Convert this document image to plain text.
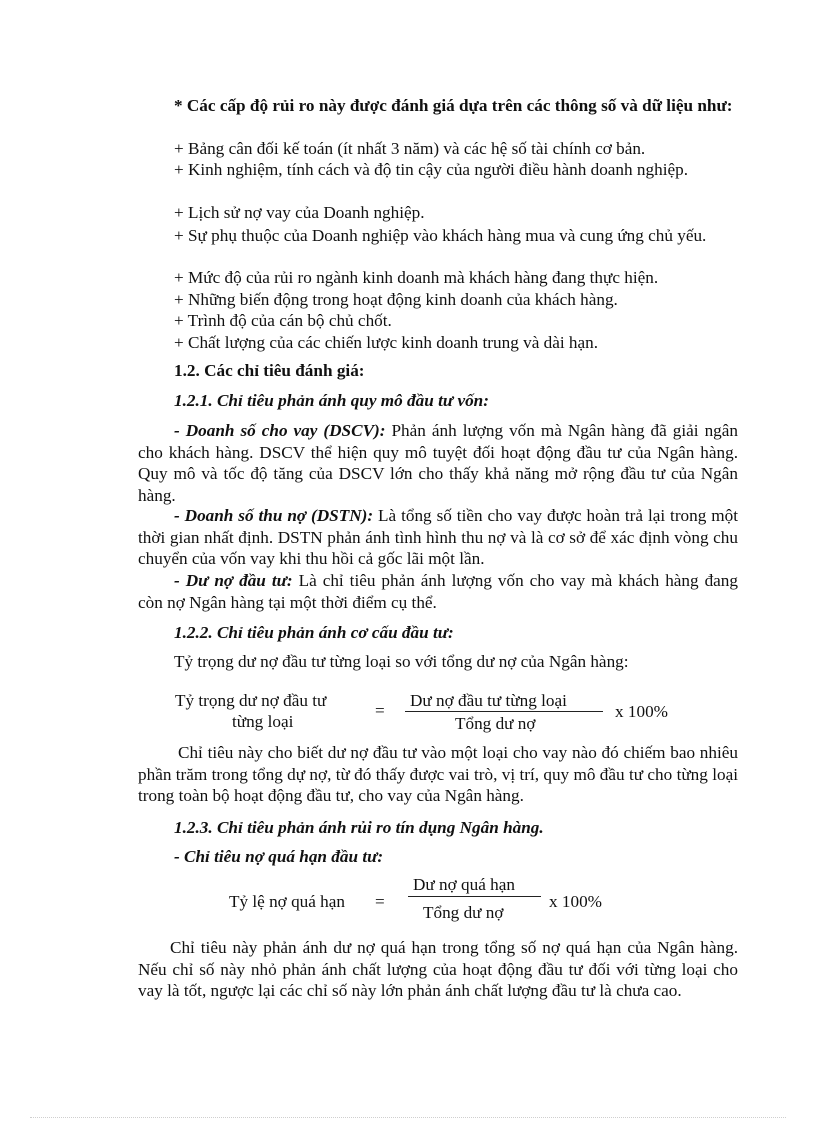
* Các cấp độ rủi ro này được đánh giá dựa trên các thông số và dữ liệu như:

+ Bảng cân đối kế toán (ít nhất 3 năm) và các hệ số tài chính cơ bản.

+ Kinh nghiệm, tính cách và độ tin cậy của người điều hành doanh nghiệp.

+ Lịch sử nợ vay của Doanh nghiệp.

+ Sự phụ thuộc của Doanh nghiệp vào khách hàng mua và cung ứng chủ yếu.

+ Mức độ của rủi ro ngành kinh doanh mà khách hàng đang thực hiện.

+ Những biến động trong hoạt động kinh doanh của khách hàng.

+ Trình độ của cán bộ chủ chốt.

+ Chất lượng của các chiến lược kinh doanh trung và dài hạn.

1.2. Các chỉ tiêu đánh giá:

1.2.1. Chỉ tiêu phản ánh quy mô đầu tư vốn:

- Doanh số cho vay (DSCV): Phản ánh lượng vốn mà Ngân hàng đã giải ngân cho khách hàng. DSCV thể hiện quy mô tuyệt đối hoạt động đầu tư của Ngân hàng. Quy mô và tốc độ tăng của DSCV lớn cho thấy khả năng mở rộng đầu tư của Ngân hàng.

- Doanh số thu nợ (DSTN): Là tổng số tiền cho vay được hoàn trả lại trong một thời gian nhất định. DSTN phản ánh tình hình thu nợ và là cơ sở để xác định vòng chu chuyển của vốn vay khi thu hồi cả gốc lãi một lần.

- Dư nợ đầu tư: Là chỉ tiêu phản ánh lượng vốn cho vay mà khách hàng đang còn nợ Ngân hàng tại một thời điểm cụ thể.

1.2.2. Chỉ tiêu phản ánh cơ cấu đầu tư:

Tỷ trọng dư nợ đầu tư từng loại so với tổng dư nợ của Ngân hàng:

Tỷ trọng dư nợ đầu tư

từng loại

=

Dư nợ đầu tư từng loại

Tổng dư nợ

x 100%

Chỉ tiêu này cho biết dư nợ đầu tư vào một loại cho vay nào đó chiếm bao nhiêu phần trăm trong tổng dự nợ, từ đó thấy được vai trò, vị trí, quy mô đầu tư cho từng loại trong toàn bộ hoạt động đầu tư, cho vay của Ngân hàng.

1.2.3. Chỉ tiêu phản ánh rủi ro tín dụng Ngân hàng.

- Chỉ tiêu nợ quá hạn đầu tư:

Tỷ lệ nợ quá hạn =

Dư nợ quá hạn

Tổng dư nợ

x 100%

Chỉ tiêu này phản ánh dư nợ quá hạn trong tổng số nợ quá hạn của Ngân hàng. Nếu chỉ số này nhỏ phản ánh chất lượng của hoạt động đầu tư đối với từng loại cho vay là tốt, ngược lại các chỉ số này lớn phản ánh chất lượng đầu tư là chưa cao.
